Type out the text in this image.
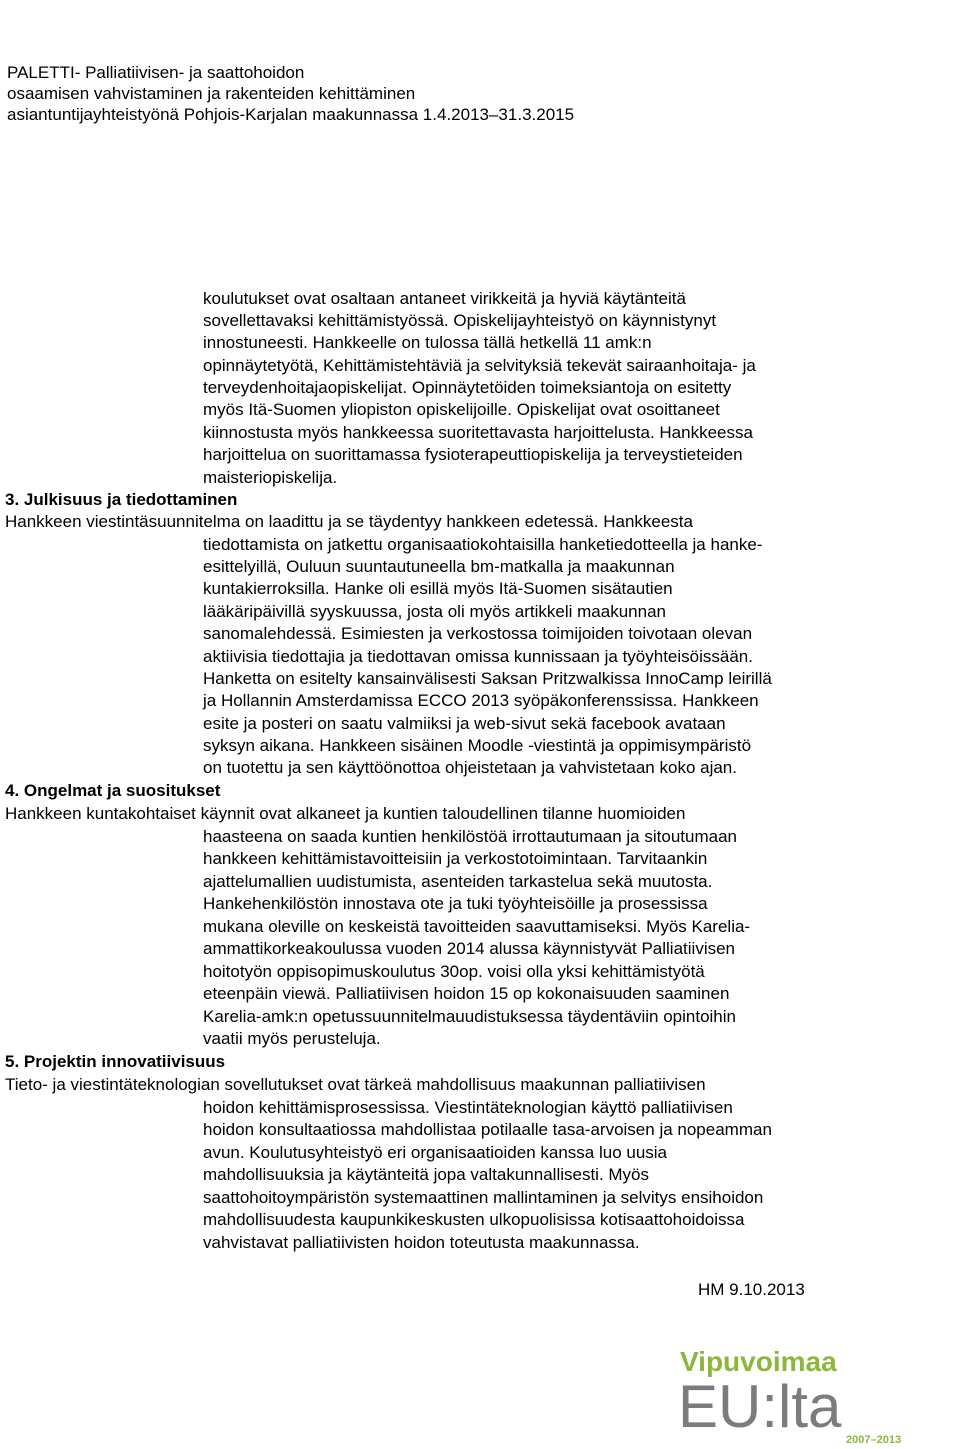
PALETTI- Palliatiivisen- ja saattohoidon
osaamisen vahvistaminen ja rakenteiden kehittäminen
asiantuntijayhteistyönä Pohjois-Karjalan maakunnassa 1.4.2013–31.3.2015
koulutukset ovat osaltaan antaneet virikkeitä ja hyviä käytänteitä
sovellettavaksi kehittämistyössä. Opiskelijayhteistyö on käynnistynyt
innostuneesti. Hankkeelle on tulossa tällä hetkellä 11 amk:n
opinnäytetyötä, Kehittämistehtäviä ja selvityksiä tekevät sairaanhoitaja- ja
terveydenhoitajaopiskelijat. Opinnäytetöiden toimeksiantoja on esitetty
myös Itä-Suomen yliopiston opiskelijoille. Opiskelijat ovat osoittaneet
kiinnostusta myös hankkeessa suoritettavasta harjoittelusta. Hankkeessa
harjoittelua on suorittamassa fysioterapeuttiopiskelija ja terveystieteiden
maisteriopiskelija.
3. Julkisuus ja tiedottaminen
Hankkeen viestintäsuunnitelma on laadittu ja se täydentyy hankkeen edetessä. Hankkeesta
tiedottamista on jatkettu organisaatiokohtaisilla hanketiedotteella ja hanke-
esittelyillä, Ouluun suuntautuneella bm-matkalla ja maakunnan
kuntakierroksilla. Hanke oli esillä myös Itä-Suomen sisätautien
lääkäripäivillä syyskuussa, josta oli myös artikkeli maakunnan
sanomalehdessä. Esimiesten ja verkostossa toimijoiden toivotaan olevan
aktiivisia tiedottajia ja tiedottavan omissa kunnissaan ja työyhteisöissään.
Hanketta on esitelty kansainvälisesti Saksan Pritzwalkissa InnoCamp leirillä
ja Hollannin Amsterdamissa ECCO 2013 syöpäkonferenssissa. Hankkeen
esite ja posteri on saatu valmiiksi ja web-sivut sekä facebook avataan
syksyn aikana. Hankkeen sisäinen Moodle -viestintä ja oppimisympäristö
on tuotettu ja sen käyttöönottoa ohjeistetaan ja vahvistetaan koko ajan.
4. Ongelmat ja suositukset
Hankkeen kuntakohtaiset käynnit ovat alkaneet ja kuntien taloudellinen tilanne huomioiden
haasteena on saada kuntien henkilöstöä irrottautumaan ja sitoutumaan
hankkeen kehittämistavoitteisiin ja verkostotoimintaan. Tarvitaankin
ajattelumallien uudistumista, asenteiden tarkastelua sekä muutosta.
Hankehenkilöstön innostava ote ja tuki työyhteisöille ja prosessissa
mukana oleville on keskeistä tavoitteiden saavuttamiseksi. Myös Karelia-
ammattikorkeakoulussa vuoden 2014 alussa käynnistyvät Palliatiivisen
hoitotyön oppisopimuskoulutus 30op. voisi olla yksi kehittämistyötä
eteenpäin viewä. Palliatiivisen hoidon 15 op kokonaisuuden saaminen
Karelia-amk:n opetussuunnitelmauudistuksessa täydentäviin opintoihin
vaatii myös perusteluja.
5. Projektin innovatiivisuus
Tieto- ja viestintäteknologian sovellutukset ovat tärkeä mahdollisuus maakunnan palliatiivisen
hoidon kehittämisprosessissa. Viestintäteknologian käyttö palliatiivisen
hoidon konsultaatiossa mahdollistaa potilaalle tasa-arvoisen ja nopeamman
avun. Koulutusyhteistyö eri organisaatioiden kanssa luo uusia
mahdollisuuksia ja käytänteitä jopa valtakunnallisesti. Myös
saattohoitoympäristön systemaattinen mallintaminen ja selvitys ensihoidon
mahdollisuudesta kaupunkikeskusten ulkopuolisissa kotisaattohoidoissa
vahvistavat palliatiivisten hoidon toteutusta maakunnassa.
HM 9.10.2013
Vipuvoimaa
EU:lta 2007–2013
